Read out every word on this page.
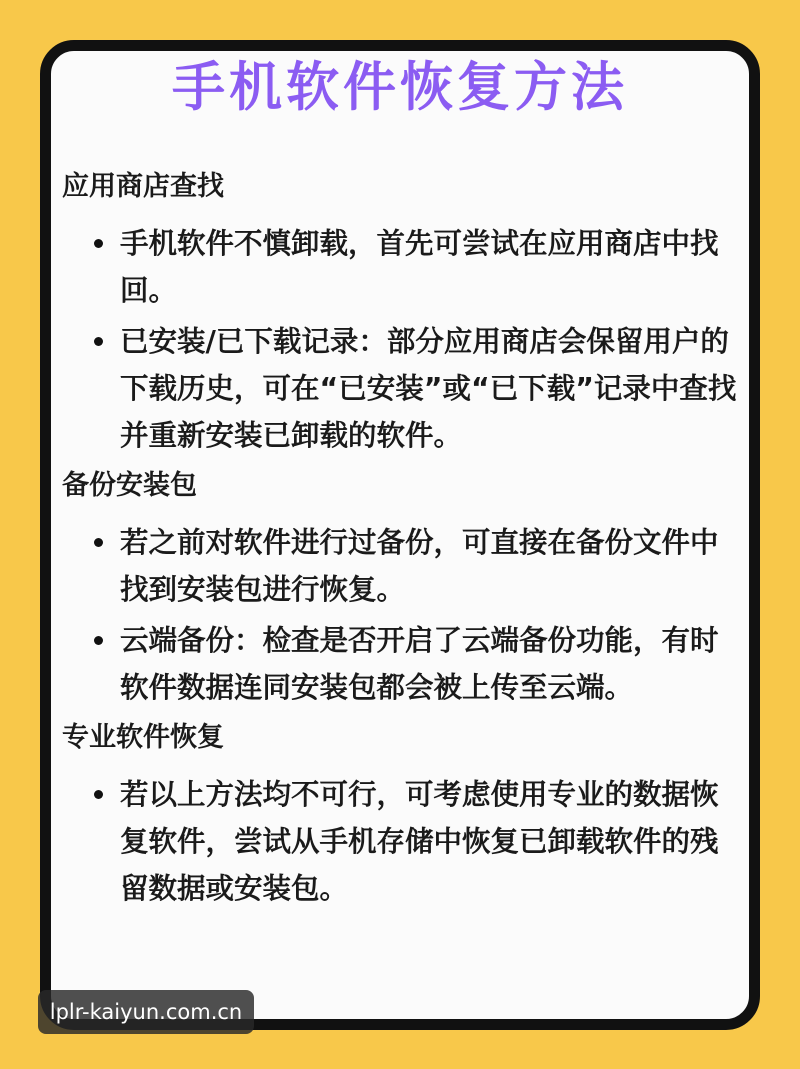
手机软件恢复方法
应用商店查找
手机软件不慎卸载，首先可尝试在应用商店中找回。
已安装/已下载记录：部分应用商店会保留用户的下载历史，可在“已安装”或“已下载”记录中查找并重新安装已卸载的软件。
备份安装包
若之前对软件进行过备份，可直接在备份文件中找到安装包进行恢复。
云端备份：检查是否开启了云端备份功能，有时软件数据连同安装包都会被上传至云端。
专业软件恢复
若以上方法均不可行，可考虑使用专业的数据恢复软件，尝试从手机存储中恢复已卸载软件的残留数据或安装包。
lplr-kaiyun.com.cn
